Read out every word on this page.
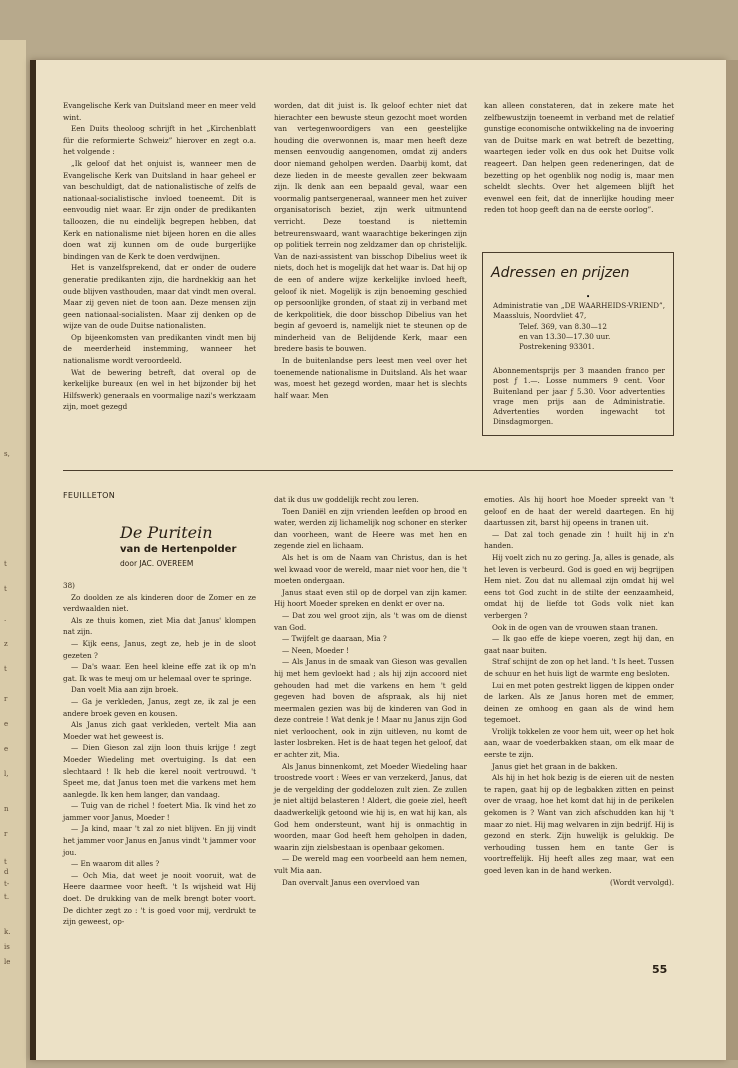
s,
t
t
.
z
t
r
e
e
l,
n
r
t
d
t-
t.
k.
is
le

Evangelische Kerk van Duitsland meer en meer veld wint.

Een Duits theoloog schrijft in het „Kirchenblatt für die reformierte Schweiz” hierover en zegt o.a. het volgende :

„Ik geloof dat het onjuist is, wanneer men de Evangelische Kerk van Duitsland in haar geheel er van beschuldigt, dat de nationalistische of zelfs de nationaal-socialistische invloed toeneemt. Dit is eenvoudig niet waar. Er zijn onder de predikanten talloozen, die nu eindelijk begrepen hebben, dat Kerk en nationalisme niet bijeen horen en die alles doen wat zij kunnen om de oude burgerlijke bindingen van de Kerk te doen verdwijnen.

Het is vanzelfsprekend, dat er onder de oudere generatie predikanten zijn, die hardnekkig aan het oude blijven vasthouden, maar dat vindt men overal. Maar zij geven niet de toon aan. Deze mensen zijn geen nationaal-socialisten. Maar zij denken op de wijze van de oude Duitse nationalisten.

Op bijeenkomsten van predikanten vindt men bij de meerderheid instemming, wanneer het nationalisme wordt veroordeeld.

Wat de bewering betreft, dat overal op de kerkelijke bureaux (en wel in het bijzonder bij het Hilfswerk) generaals en voormalige nazi's werkzaam zijn, moet gezegd

worden, dat dit juist is. Ik geloof echter niet dat hierachter een bewuste steun gezocht moet worden van vertegenwoordigers van een geestelijke houding die overwonnen is, maar men heeft deze mensen eenvoudig aangenomen, omdat zij anders door niemand geholpen werden. Daarbij komt, dat deze lieden in de meeste gevallen zeer bekwaam zijn. Ik denk aan een bepaald geval, waar een voormalig pantsergeneraal, wanneer men het zuiver organisatorisch beziet, zijn werk uitmuntend verricht. Deze toestand is niettemin betreurenswaard, want waarachtige bekeringen zijn op politiek terrein nog zeldzamer dan op christelijk. Van de nazi-assistent van bisschop Dibelius weet ik niets, doch het is mogelijk dat het waar is. Dat hij op de een of andere wijze kerkelijke invloed heeft, geloof ik niet. Mogelijk is zijn benoeming geschied op persoonlijke gronden, of staat zij in verband met de kerkpolitiek, die door bisschop Dibelius van het begin af gevoerd is, namelijk niet te steunen op de minderheid van de Belijdende Kerk, maar een bredere basis te bouwen.

In de buitenlandse pers leest men veel over het toenemende nationalisme in Duitsland. Als het waar was, moest het gezegd worden, maar het is slechts half waar. Men

kan alleen constateren, dat in zekere mate het zelfbewustzijn toeneemt in verband met de relatief gunstige economische ontwikkeling na de invoering van de Duitse mark en wat betreft de bezetting, waartegen ieder volk en dus ook het Duitse volk reageert. Dan helpen geen redeneringen, dat de bezetting op het ogenblik nog nodig is, maar men scheldt slechts. Over het algemeen blijft het evenwel een feit, dat de innerlijke houding meer reden tot hoop geeft dan na de eerste oorlog”.

Adressen en prijzen
•
Administratie van „DE WAARHEIDS-VRIEND”, Maassluis, Noordvliet 47,
Telef. 369, van 8.30—12
en van 13.30—17.30 uur.
Postrekening 93301.
Abonnementsprijs per 3 maanden franco per post ƒ 1.—. Losse nummers 9 cent. Voor Buitenland per jaar ƒ 5.30. Voor advertenties vrage men prijs aan de Administratie. Advertenties worden ingewacht tot Dinsdagmorgen.
FEUILLETON
De Puritein
van de Hertenpolder
door JAC. OVEREEM

38)

Zo doolden ze als kinderen door de Zomer en ze verdwaalden niet.

Als ze thuis komen, ziet Mia dat Janus' klompen nat zijn.

— Kijk eens, Janus, zegt ze, heb je in de sloot gezeten ?

— Da's waar. Een heel kleine effe zat ik op m'n gat. Ik was te meuj om ur helemaal over te springe.

Dan voelt Mia aan zijn broek.

— Ga je verkleden, Janus, zegt ze, ik zal je een andere broek geven en kousen.

Als Janus zich gaat verkleden, vertelt Mia aan Moeder wat het geweest is.

— Dien Gieson zal zijn loon thuis krijge ! zegt Moeder Wiedeling met overtuiging. Is dat een slechtaard ! Ik heb die kerel nooit vertrouwd. 't Speet me, dat Janus toen met die varkens met hem aanlegde. Ik ken hem langer, dan vandaag.

— Tuig van de richel ! foetert Mia. Ik vind het zo jammer voor Janus, Moeder !

— Ja kind, maar 't zal zo niet blijven. En jij vindt het jammer voor Janus en Janus vindt 't jammer voor jou.

— En waarom dit alles ?

— Och Mia, dat weet je nooit vooruit, wat de Heere daarmee voor heeft. 't Is wijsheid wat Hij doet. De drukking van de melk brengt boter voort. De dichter zegt zo : 't is goed voor mij, verdrukt te zijn geweest, op-

dat ik dus uw goddelijk recht zou leren.

Toen Daniël en zijn vrienden leefden op brood en water, werden zij lichamelijk nog schoner en sterker dan voorheen, want de Heere was met hen en zegende ziel en lichaam.

Als het is om de Naam van Christus, dan is het wel kwaad voor de wereld, maar niet voor hen, die 't moeten ondergaan.

Janus staat even stil op de dorpel van zijn kamer. Hij hoort Moeder spreken en denkt er over na.

— Dat zou wel groot zijn, als 't was om de dienst van God.

— Twijfelt ge daaraan, Mia ?

— Neen, Moeder !

— Als Janus in de smaak van Gieson was gevallen hij met hem gevloekt had ; als hij zijn accoord niet gehouden had met die varkens en hem 't geld gegeven had boven de afspraak, als hij niet meermalen gezien was bij de kinderen van God in deze contreie ! Wat denk je ! Maar nu Janus zijn God niet verloochent, ook in zijn uitleven, nu komt de laster losbreken. Het is de haat tegen het geloof, dat er achter zit, Mia.

Als Janus binnenkomt, zet Moeder Wiedeling haar troostrede voort : Wees er van verzekerd, Janus, dat je de vergelding der goddelozen zult zien. Ze zullen je niet altijd belasteren ! Aldert, die goeie ziel, heeft daadwerkelijk getoond wie hij is, en wat hij kan, als God hem ondersteunt, want hij is onmachtig in woorden, maar God heeft hem geholpen in daden, waarin zijn zielsbestaan is openbaar gekomen.

— De wereld mag een voorbeeld aan hem nemen, vult Mia aan.

Dan overvalt Janus een overvloed van

emoties. Als hij hoort hoe Moeder spreekt van 't geloof en de haat der wereld daartegen. En hij daartussen zit, barst hij opeens in tranen uit.

— Dat zal toch genade zin ! huilt hij in z'n handen.

Hij voelt zich nu zo gering. Ja, alles is genade, als het leven is verbeurd. God is goed en wij begrijpen Hem niet. Zou dat nu allemaal zijn omdat hij wel eens tot God zucht in de stilte der eenzaamheid, omdat hij de liefde tot Gods volk niet kan verbergen ?

Ook in de ogen van de vrouwen staan tranen.

— Ik gao effe de kiepe voeren, zegt hij dan, en gaat naar buiten.

Straf schijnt de zon op het land. 't Is heet. Tussen de schuur en het huis ligt de warmte eng besloten.

Lui en met poten gestrekt liggen de kippen onder de larken. Als ze Janus horen met de emmer, deinen ze omhoog en gaan als de wind hem tegemoet.

Vrolijk tokkelen ze voor hem uit, weer op het hok aan, waar de voederbakken staan, om elk maar de eerste te zijn.

Janus giet het graan in de bakken.

Als hij in het hok bezig is de eieren uit de nesten te rapen, gaat hij op de legbakken zitten en peinst over de vraag, hoe het komt dat hij in de perikelen gekomen is ? Want van zich afschudden kan hij 't maar zo niet. Hij mag welvaren in zijn bedrijf. Hij is gezond en sterk. Zijn huwelijk is gelukkig. De verhouding tussen hem en tante Ger is voortreffelijk. Hij heeft alles zeg maar, wat een goed leven kan in de hand werken.

(Wordt vervolgd).

55
